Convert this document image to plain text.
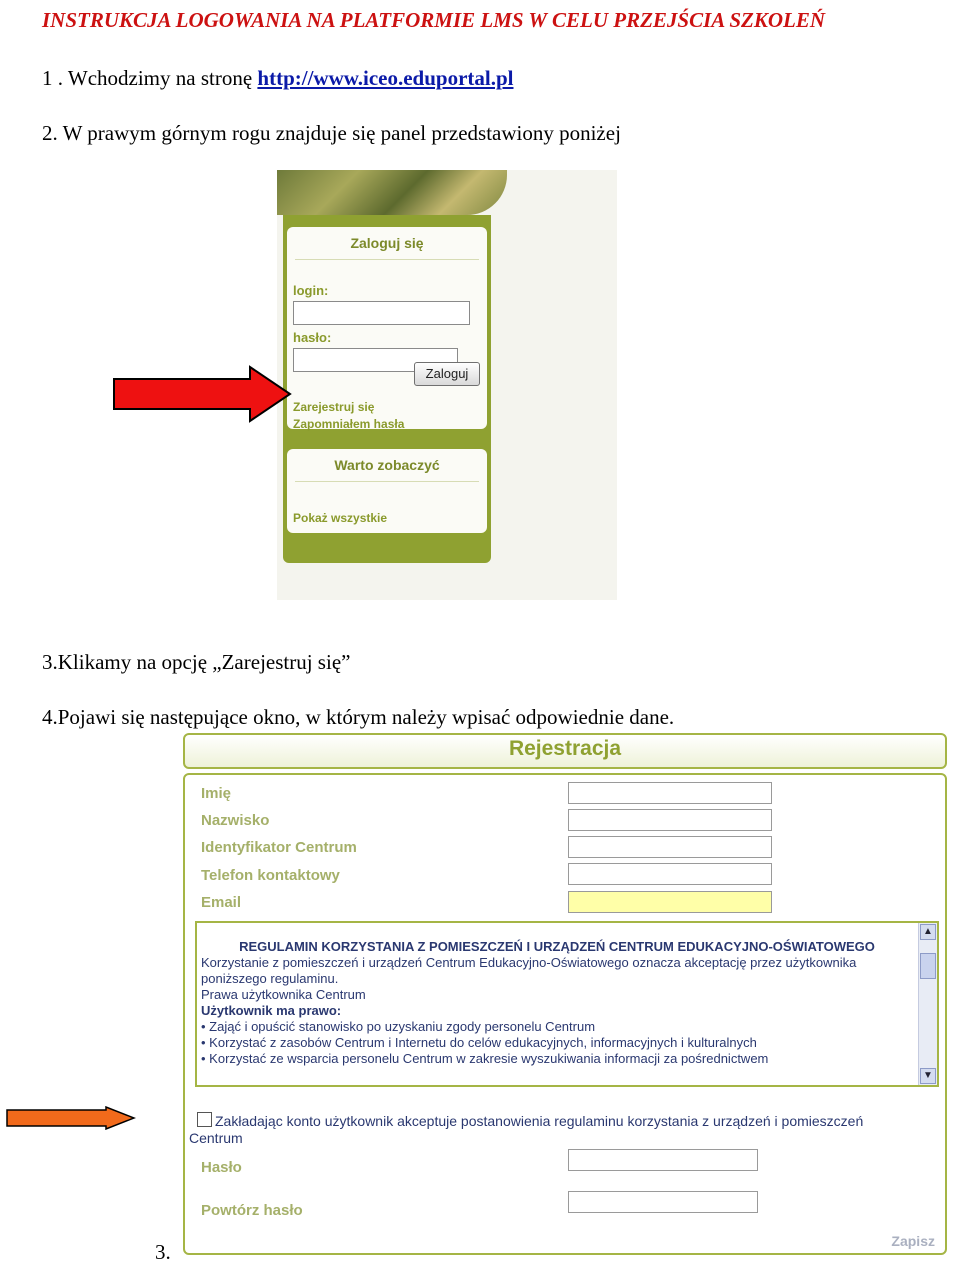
INSTRUKCJA LOGOWANIA NA PLATFORMIE LMS W CELU PRZEJŚCIA SZKOLEŃ
1 . Wchodzimy na stronę http://www.iceo.eduportal.pl
2. W prawym górnym rogu znajduje się panel przedstawiony poniżej
Zaloguj się
login:
hasło:
Zaloguj
Zarejestruj się
Zapomniałem hasła
Warto zobaczyć
Pokaż wszystkie
3.Klikamy na opcję „Zarejestruj się”
4.Pojawi się następujące okno, w którym należy wpisać odpowiednie dane.
Rejestracja
Imię
Nazwisko
Identyfikator Centrum
Telefon kontaktowy
Email
REGULAMIN KORZYSTANIA Z POMIESZCZEŃ I URZĄDZEŃ CENTRUM EDUKACYJNO-OŚWIATOWEGO
Korzystanie z pomieszczeń i urządzeń Centrum Edukacyjno-Oświatowego oznacza akceptację przez użytkownika poniższego regulaminu.
Prawa użytkownika Centrum
Użytkownik ma prawo:
• Zająć i opuścić stanowisko po uzyskaniu zgody personelu Centrum
• Korzystać z zasobów Centrum i Internetu do celów edukacyjnych, informacyjnych i kulturalnych
• Korzystać ze wsparcia personelu Centrum w zakresie wyszukiwania informacji za pośrednictwem
▲
▼
Zakładając konto użytkownik akceptuje postanowienia regulaminu korzystania z urządzeń i pomieszczeń Centrum
Hasło
Powtórz hasło
Zapisz
3.
